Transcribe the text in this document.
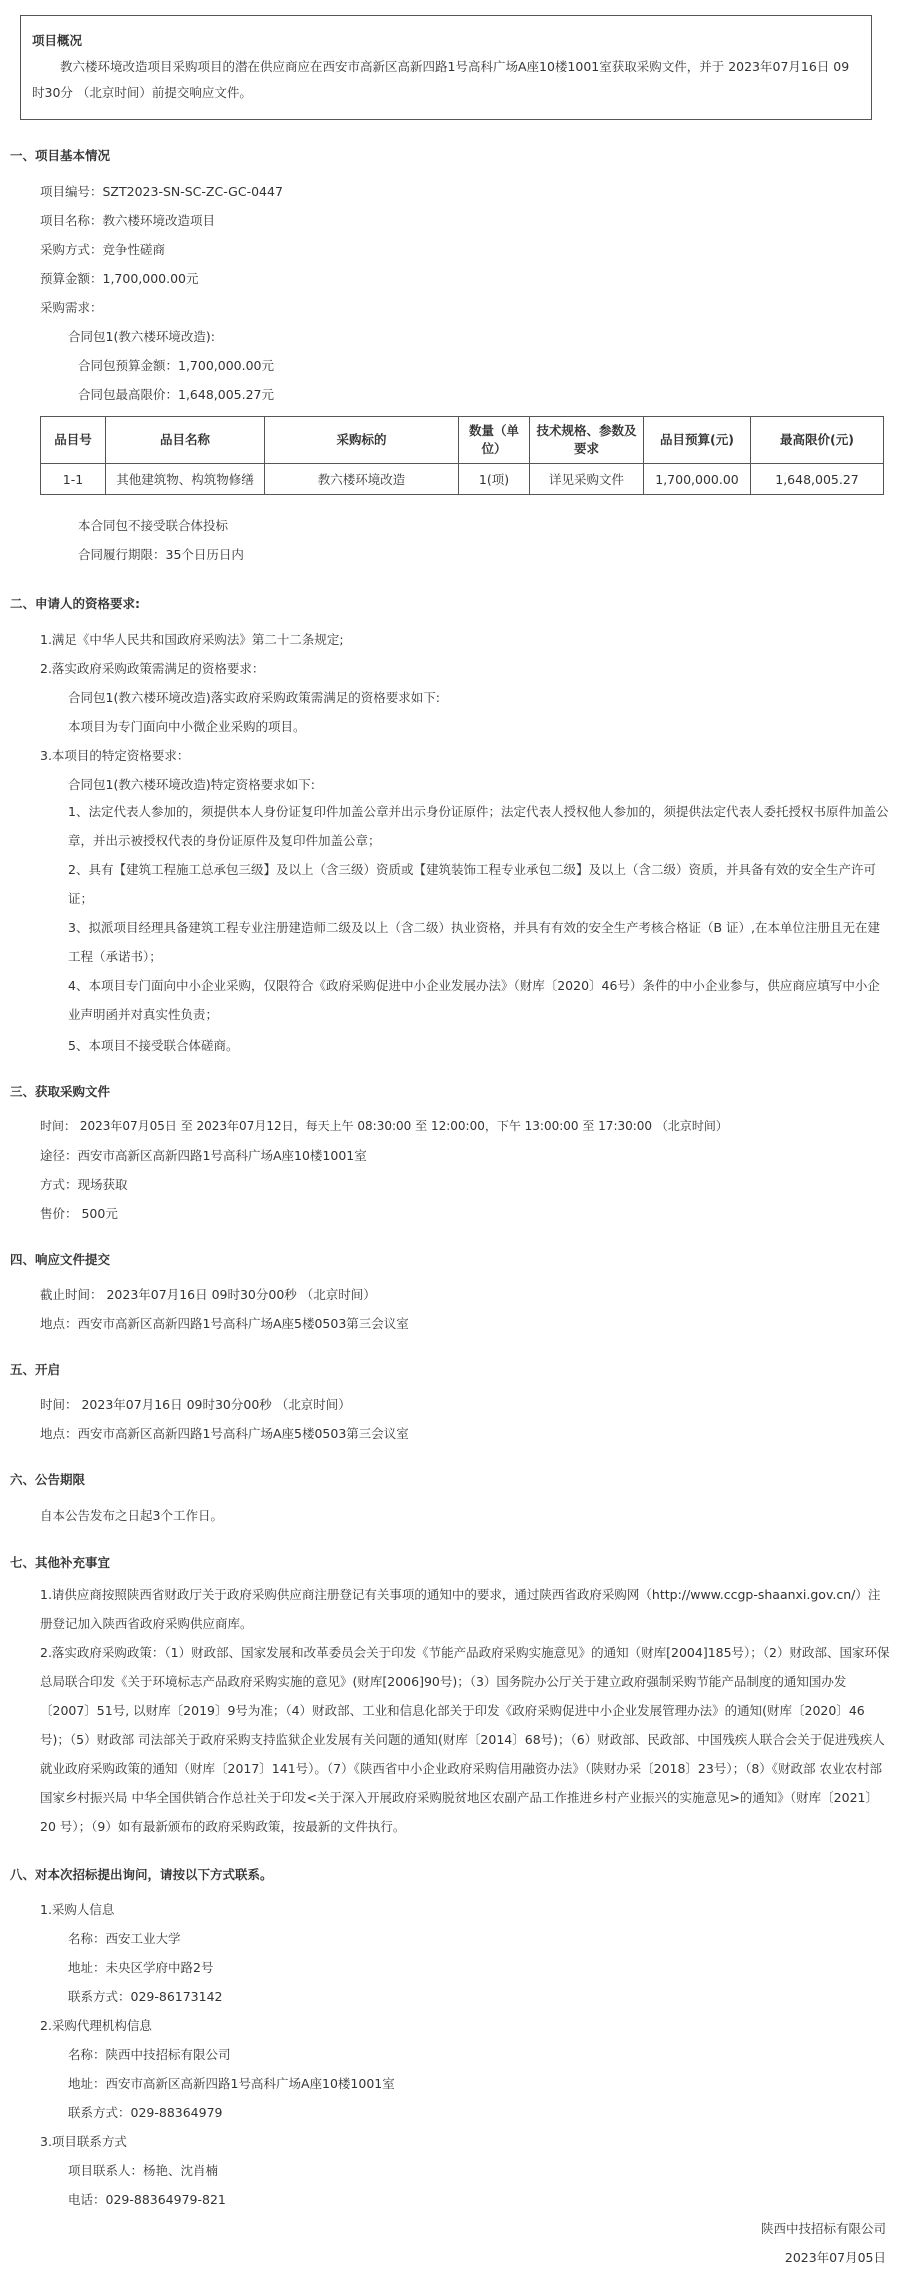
项目概况
教六楼环境改造项目采购项目的潜在供应商应在西安市高新区高新四路1号高科广场A座10楼1001室获取采购文件，并于 2023年07月16日 09时30分 （北京时间）前提交响应文件。
一、项目基本情况
项目编号：SZT2023-SN-SC-ZC-GC-0447
项目名称：教六楼环境改造项目
采购方式：竞争性磋商
预算金额：1,700,000.00元
采购需求：
合同包1(教六楼环境改造):
合同包预算金额：1,700,000.00元
合同包最高限价：1,648,005.27元
品目号	品目名称	采购标的	数量（单位）	技术规格、参数及要求	品目预算(元)	最高限价(元)
1-1	其他建筑物、构筑物修缮	教六楼环境改造	1(项)	详见采购文件	1,700,000.00	1,648,005.27
本合同包不接受联合体投标
合同履行期限：35个日历日内
二、申请人的资格要求:
1.满足《中华人民共和国政府采购法》第二十二条规定;
2.落实政府采购政策需满足的资格要求：
合同包1(教六楼环境改造)落实政府采购政策需满足的资格要求如下:
本项目为专门面向中小微企业采购的项目。
3.本项目的特定资格要求：
合同包1(教六楼环境改造)特定资格要求如下:
1、法定代表人参加的，须提供本人身份证复印件加盖公章并出示身份证原件；法定代表人授权他人参加的，须提供法定代表人委托授权书原件加盖公章，并出示被授权代表的身份证原件及复印件加盖公章；
2、具有【建筑工程施工总承包三级】及以上（含三级）资质或【建筑装饰工程专业承包二级】及以上（含二级）资质，并具备有效的安全生产许可证；
3、拟派项目经理具备建筑工程专业注册建造师二级及以上（含二级）执业资格，并具有有效的安全生产考核合格证（B 证）,在本单位注册且无在建工程（承诺书）；
4、本项目专门面向中小企业采购，仅限符合《政府采购促进中小企业发展办法》（财库〔2020〕46号）条件的中小企业参与，供应商应填写中小企业声明函并对真实性负责；
5、本项目不接受联合体磋商。
三、获取采购文件
时间： 2023年07月05日 至 2023年07月12日，每天上午 08:30:00 至 12:00:00，下午 13:00:00 至 17:30:00 （北京时间）
途径：西安市高新区高新四路1号高科广场A座10楼1001室
方式：现场获取
售价： 500元
四、响应文件提交
截止时间： 2023年07月16日 09时30分00秒 （北京时间）
地点：西安市高新区高新四路1号高科广场A座5楼0503第三会议室
五、开启
时间： 2023年07月16日 09时30分00秒 （北京时间）
地点：西安市高新区高新四路1号高科广场A座5楼0503第三会议室
六、公告期限
自本公告发布之日起3个工作日。
七、其他补充事宜
1.请供应商按照陕西省财政厅关于政府采购供应商注册登记有关事项的通知中的要求，通过陕西省政府采购网（http://www.ccgp-shaanxi.gov.cn/）注册登记加入陕西省政府采购供应商库。
2.落实政府采购政策：（1）财政部、国家发展和改革委员会关于印发《节能产品政府采购实施意见》的通知（财库[2004]185号）；（2）财政部、国家环保总局联合印发《关于环境标志产品政府采购实施的意见》(财库[2006]90号)；（3）国务院办公厅关于建立政府强制采购节能产品制度的通知国办发〔2007〕51号, 以财库〔2019〕9号为准；（4）财政部、工业和信息化部关于印发《政府采购促进中小企业发展管理办法》的通知(财库〔2020〕46号)；（5）财政部 司法部关于政府采购支持监狱企业发展有关问题的通知(财库〔2014〕68号)；（6）财政部、民政部、中国残疾人联合会关于促进残疾人就业政府采购政策的通知（财库〔2017〕141号）。（7）《陕西省中小企业政府采购信用融资办法》（陕财办采〔2018〕23号）；（8）《财政部 农业农村部 国家乡村振兴局 中华全国供销合作总社关于印发<关于深入开展政府采购脱贫地区农副产品工作推进乡村产业振兴的实施意见>的通知》（财库〔2021〕20 号）；（9）如有最新颁布的政府采购政策，按最新的文件执行。
八、对本次招标提出询问，请按以下方式联系。
1.采购人信息
名称：西安工业大学
地址：未央区学府中路2号
联系方式：029-86173142
2.采购代理机构信息
名称：陕西中技招标有限公司
地址：西安市高新区高新四路1号高科广场A座10楼1001室
联系方式：029-88364979
3.项目联系方式
项目联系人：杨艳、沈肖楠
电话：029-88364979-821
陕西中技招标有限公司
2023年07月05日
